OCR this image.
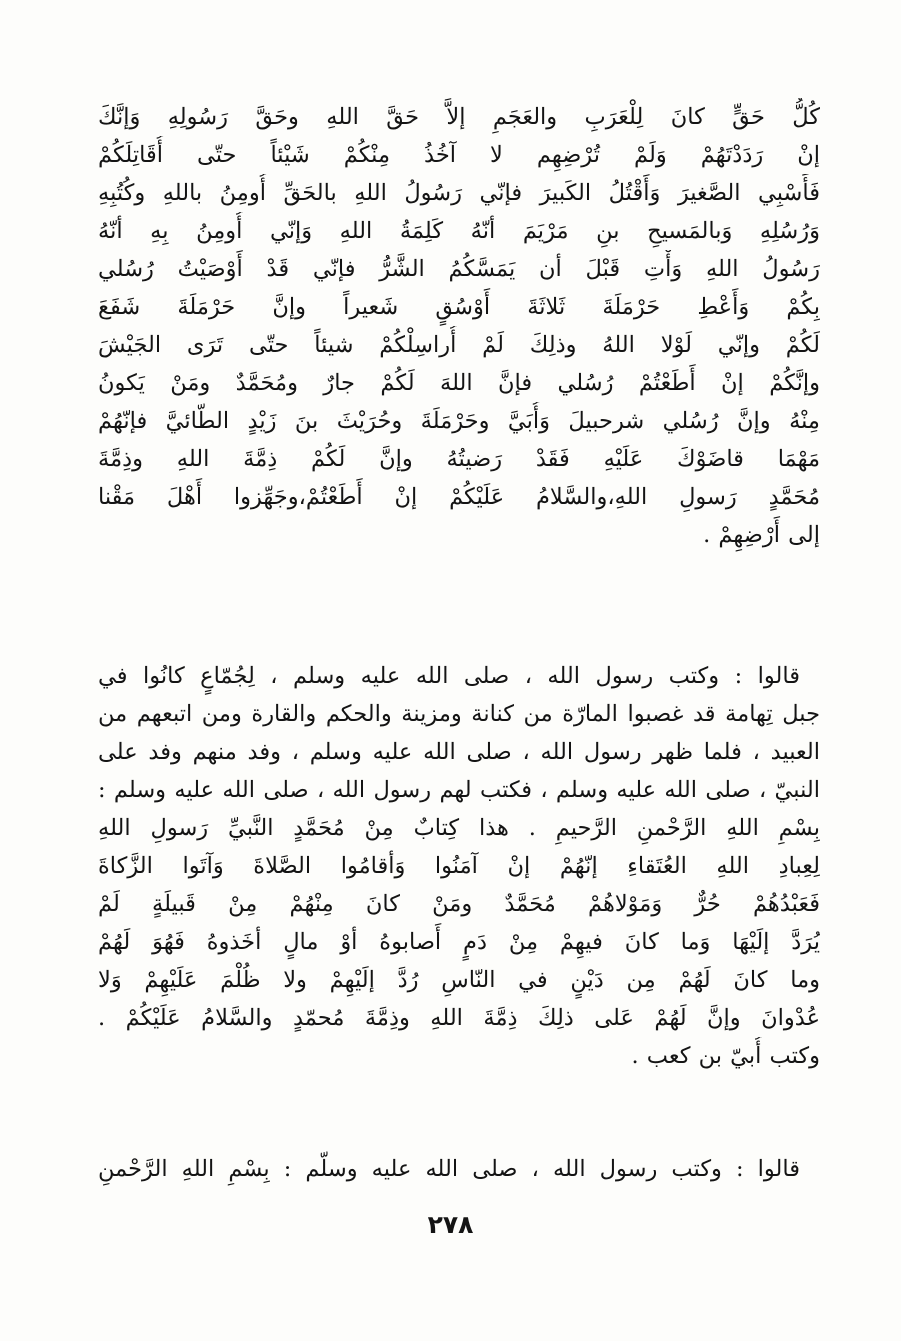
كُلُّ حَقٍّ كانَ لِلْعَرَبِ والعَجَمِ إلاَّ حَقَّ اللهِ وحَقَّ رَسُولِهِ وَإنَّكَ
إنْ رَدَدْتَهُمْ وَلَمْ تُرْضِهِم لا آخُذُ مِنْكُمْ شَيْئاً حتّى أُقَاتِلَكُمْ
فَأَسْبِي الصَّغيرَ وَأَقْتُلُ الكَبيرَ فإنّي رَسُولُ اللهِ بالحَقِّ أُومِنُ باللهِ وكُتُبِهِ
وَرُسُلِهِ وَبالمَسيحِ بنِ مَرْيَمَ أنّهُ كَلِمَةُ اللهِ وَإنّي أُومِنُ بِهِ أنّهُ
رَسُولُ اللهِ وَأْتِ قَبْلَ أن يَمَسَّكُمُ الشَّرُّ فإنّي قَدْ أَوْصَيْتُ رُسُلي
بِكُمْ وَأَعْطِ حَرْمَلَةَ ثَلاثَةَ أَوْسُقٍ شَعيراً وإنَّ حَرْمَلَةَ شَفَعَ
لَكُمْ وإنّي لَوْلا اللهُ وذلِكَ لَمْ أُراسِلْكُمْ شيئاً حتّى تَرَى الجَيْشَ
وإنَّكُمْ إنْ أَطَعْتُمْ رُسُلي فإنَّ اللهَ لَكُمْ جارٌ ومُحَمَّدٌ ومَنْ يَكونُ
مِنْهُ وإنَّ رُسُلي شرحبيلَ وَأُبَيَّ وحَرْمَلَةَ وحُرَيْثَ بنَ زَيْدٍ الطّائيَّ فإنّهُمْ
مَهْمَا قاضَوْكَ عَلَيْهِ فَقَدْ رَضيتُهُ وإنَّ لَكُمْ ذِمَّةَ اللهِ وذِمَّةَ
مُحَمَّدٍ رَسولِ اللهِ،والسَّلامُ عَلَيْكُمْ إنْ أَطَعْتُمْ،وجَهِّزوا أَهْلَ مَقْنا
إلى أَرْضِهِمْ .
قالوا : وكتب رسول الله ، صلى الله عليه وسلم ، لِجُمّاعٍ كانُوا في
جبل تِهامة قد غصبوا المارّة من كنانة ومزينة والحكم والقارة ومن اتبعهم من
العبيد ، فلما ظهر رسول الله ، صلى الله عليه وسلم ، وفد منهم وفد على
النبيّ ، صلى الله عليه وسلم ، فكتب لهم رسول الله ، صلى الله عليه وسلم :
بِسْمِ اللهِ الرَّحْمنِ الرَّحيمِ . هذا كِتابٌ مِنْ مُحَمَّدٍ النَّبيِّ رَسولِ اللهِ
لِعِبادِ اللهِ العُتَقاءِ إنّهُمْ إنْ آمَنُوا وَأقامُوا الصَّلاةَ وَآتَوا الزَّكاةَ
فَعَبْدُهُمْ حُرٌّ وَمَوْلاهُمْ مُحَمَّدٌ ومَنْ كانَ مِنْهُمْ مِنْ قَبيلَةٍ لَمْ
يُرَدَّ إلَيْهَا وَما كانَ فيهِمْ مِنْ دَمٍ أَصابوهُ أوْ مالٍ أخَذوهُ فَهُوَ لَهُمْ
وما كانَ لَهُمْ مِن دَيْنٍ في النّاسِ رُدَّ إلَيْهِمْ ولا ظُلْمَ عَلَيْهِمْ وَلا
عُدْوانَ وإنَّ لَهُمْ عَلى ذلِكَ ذِمَّةَ اللهِ وذِمَّةَ مُحمّدٍ والسَّلامُ عَلَيْكُمْ .
وكتب أُبيّ بن كعب .
قالوا : وكتب رسول الله ، صلى الله عليه وسلّم : بِسْمِ اللهِ الرَّحْمنِ
٢٧٨
